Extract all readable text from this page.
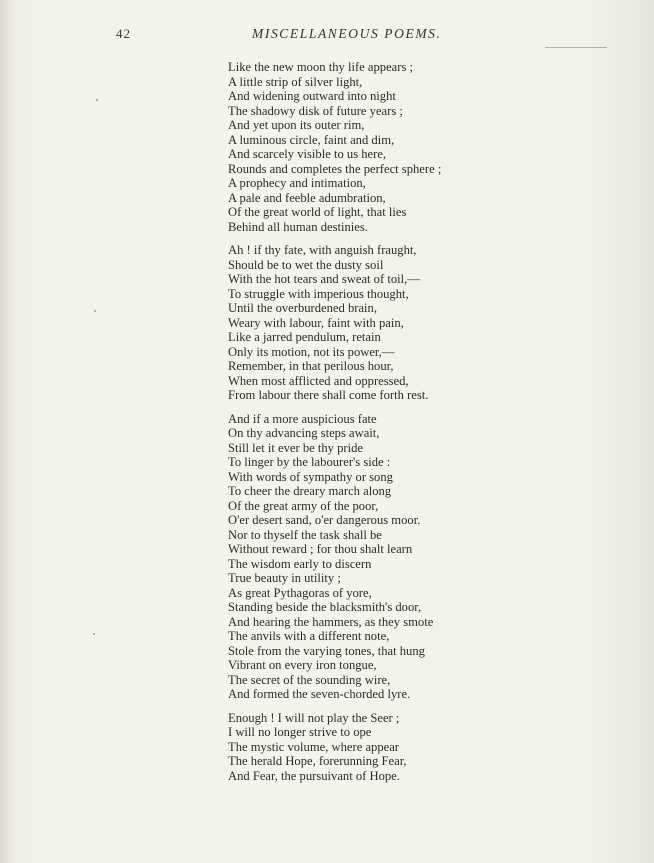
42	MISCELLANEOUS POEMS.
Like the new moon thy life appears ;
A little strip of silver light,
And widening outward into night
The shadowy disk of future years ;
And yet upon its outer rim,
A luminous circle, faint and dim,
And scarcely visible to us here,
Rounds and completes the perfect sphere ;
A prophecy and intimation,
A pale and feeble adumbration,
Of the great world of light, that lies
Behind all human destinies.
Ah ! if thy fate, with anguish fraught,
Should be to wet the dusty soil
With the hot tears and sweat of toil,—
To struggle with imperious thought,
Until the overburdened brain,
Weary with labour, faint with pain,
Like a jarred pendulum, retain
Only its motion, not its power,—
Remember, in that perilous hour,
When most afflicted and oppressed,
From labour there shall come forth rest.
And if a more auspicious fate
On thy advancing steps await,
Still let it ever be thy pride
To linger by the labourer's side :
With words of sympathy or song
To cheer the dreary march along
Of the great army of the poor,
O'er desert sand, o'er dangerous moor.
Nor to thyself the task shall be
Without reward ; for thou shalt learn
The wisdom early to discern
True beauty in utility ;
As great Pythagoras of yore,
Standing beside the blacksmith's door,
And hearing the hammers, as they smote
The anvils with a different note,
Stole from the varying tones, that hung
Vibrant on every iron tongue,
The secret of the sounding wire,
And formed the seven-chorded lyre.
Enough ! I will not play the Seer ;
I will no longer strive to ope
The mystic volume, where appear
The herald Hope, forerunning Fear,
And Fear, the pursuivant of Hope.
